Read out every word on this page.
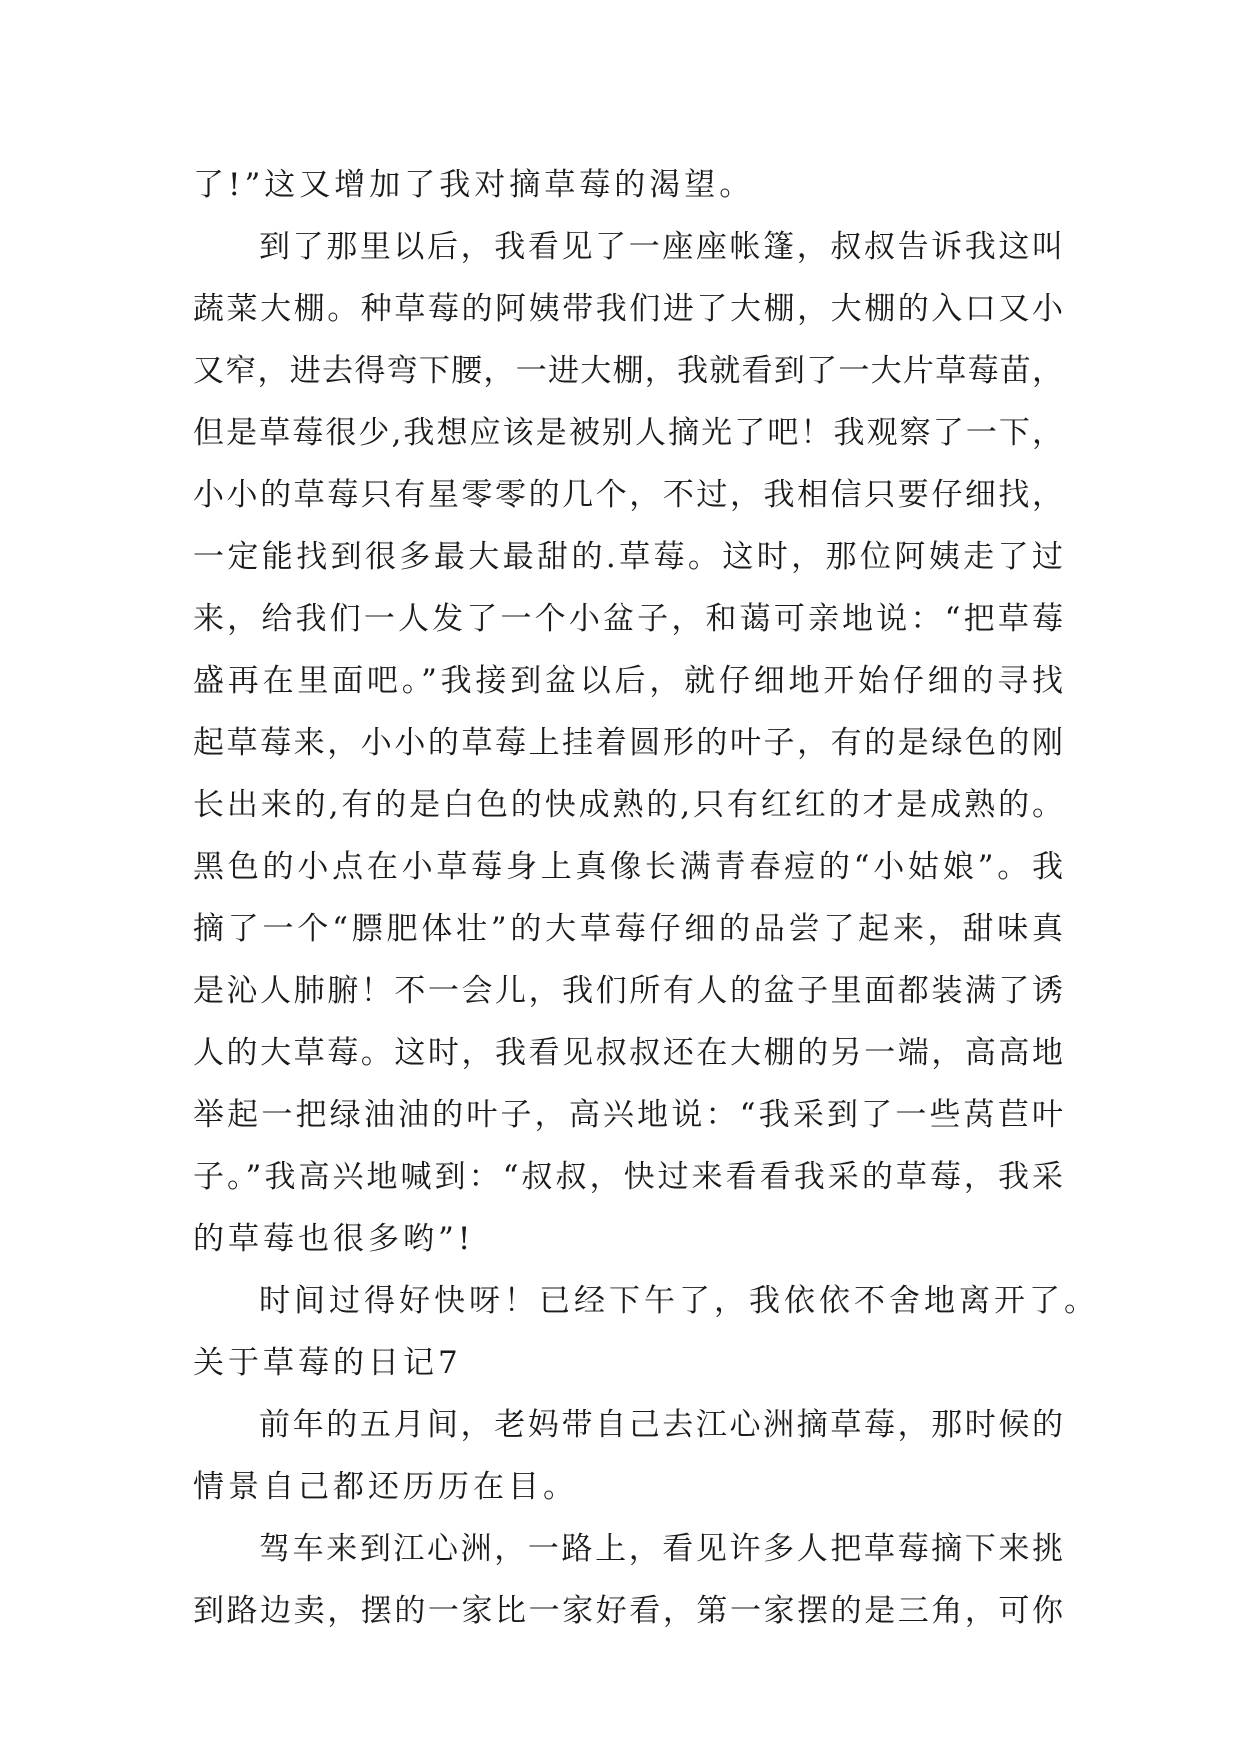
了!”这又增加了我对摘草莓的渴望。
到了那里以后，我看见了一座座帐篷，叔叔告诉我这叫
蔬菜大棚。种草莓的阿姨带我们进了大棚，大棚的入口又小
又窄，进去得弯下腰，一进大棚，我就看到了一大片草莓苗，
但是草莓很少,我想应该是被别人摘光了吧！我观察了一下，
小小的草莓只有星零零的几个，不过，我相信只要仔细找，
一定能找到很多最大最甜的.草莓。这时，那位阿姨走了过
来，给我们一人发了一个小盆子，和蔼可亲地说：“把草莓
盛再在里面吧。”我接到盆以后，就仔细地开始仔细的寻找
起草莓来，小小的草莓上挂着圆形的叶子，有的是绿色的刚
长出来的,有的是白色的快成熟的,只有红红的才是成熟的。
黑色的小点在小草莓身上真像长满青春痘的“小姑娘”。我
摘了一个“膘肥体壮”的大草莓仔细的品尝了起来，甜味真
是沁人肺腑！不一会儿，我们所有人的盆子里面都装满了诱
人的大草莓。这时，我看见叔叔还在大棚的另一端，高高地
举起一把绿油油的叶子，高兴地说：“我采到了一些莴苣叶
子。”我高兴地喊到：“叔叔，快过来看看我采的草莓，我采
的草莓也很多哟”!
时间过得好快呀！已经下午了，我依依不舍地离开了。
关于草莓的日记7
前年的五月间，老妈带自己去江心洲摘草莓，那时候的
情景自己都还历历在目。
驾车来到江心洲，一路上，看见许多人把草莓摘下来挑
到路边卖，摆的一家比一家好看，第一家摆的是三角，可你
